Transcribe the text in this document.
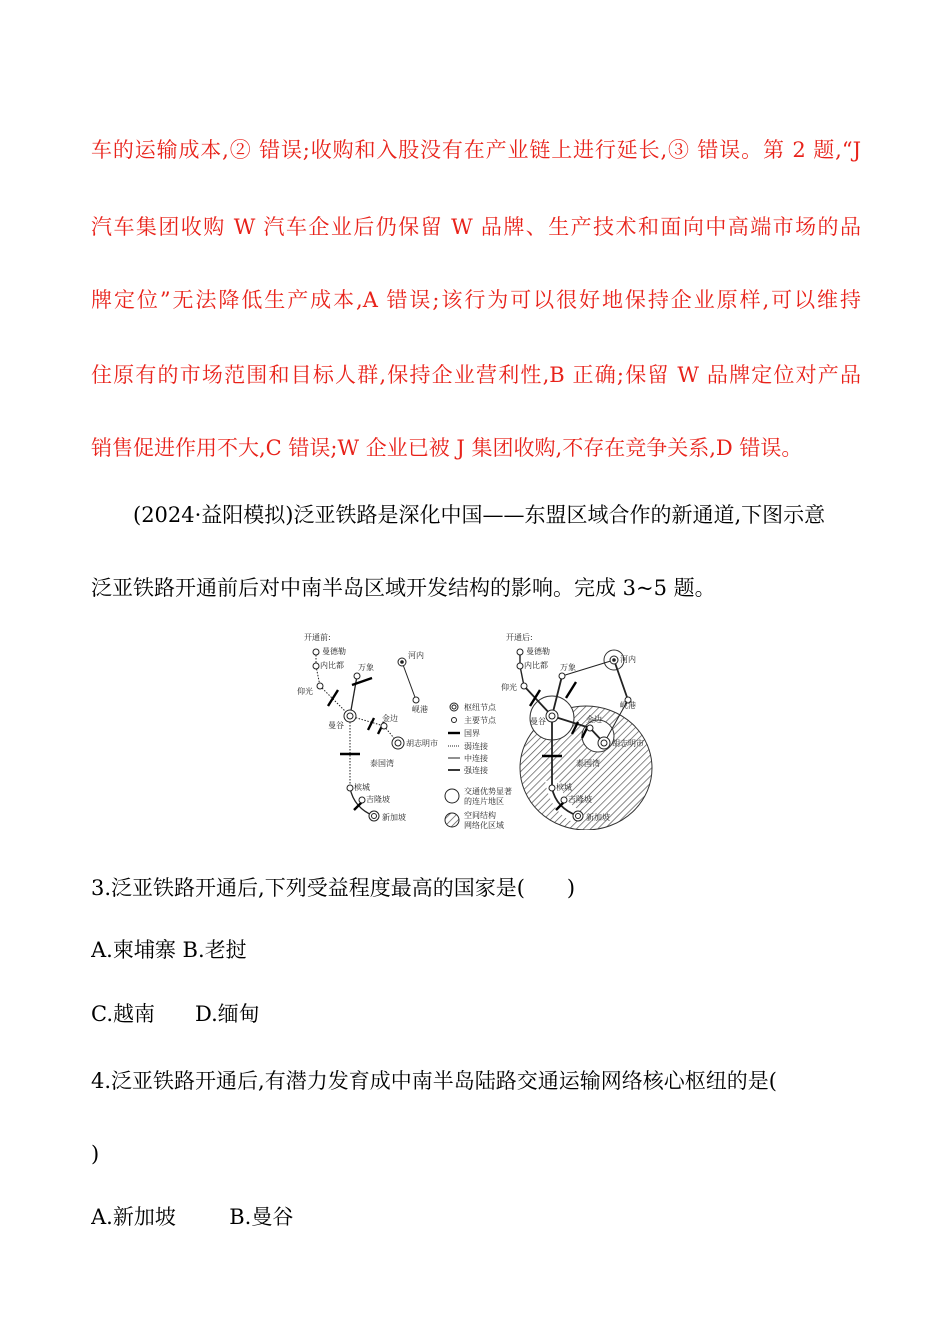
车的运输成本,② 错误;收购和入股没有在产业链上进行延长,③ 错误。第 2 题,“J
汽车集团收购 W 汽车企业后仍保留 W 品牌、生产技术和面向中高端市场的品
牌定位”无法降低生产成本,A 错误;该行为可以很好地保持企业原样,可以维持
住原有的市场范围和目标人群,保持企业营利性,B 正确;保留 W 品牌定位对产品
销售促进作用不大,C 错误;W 企业已被 J 集团收购,不存在竞争关系,D 错误。
(2024·益阳模拟)泛亚铁路是深化中国——东盟区域合作的新通道,下图示意
泛亚铁路开通前后对中南半岛区域开发结构的影响。完成 3~5 题。
开通前:
曼德勒
内比都
仰光
万象
河内
岘港
曼谷
金边
胡志明市
泰国湾
槟城
吉隆坡
新加坡
枢纽节点
主要节点
国界
弱连接
中连接
强连接
交通优势显著
的连片地区
空间结构
网络化区域
开通后:
曼德勒
内比都
仰光
万象
河内
岘港
曼谷	金边
胡志明市
泰国湾
槟城
吉隆坡
新加坡
3.泛亚铁路开通后,下列受益程度最高的国家是(　　)
A.柬埔寨 B.老挝
C.越南      D.缅甸
4.泛亚铁路开通后,有潜力发育成中南半岛陆路交通运输网络核心枢纽的是(
)
A.新加坡        B.曼谷
